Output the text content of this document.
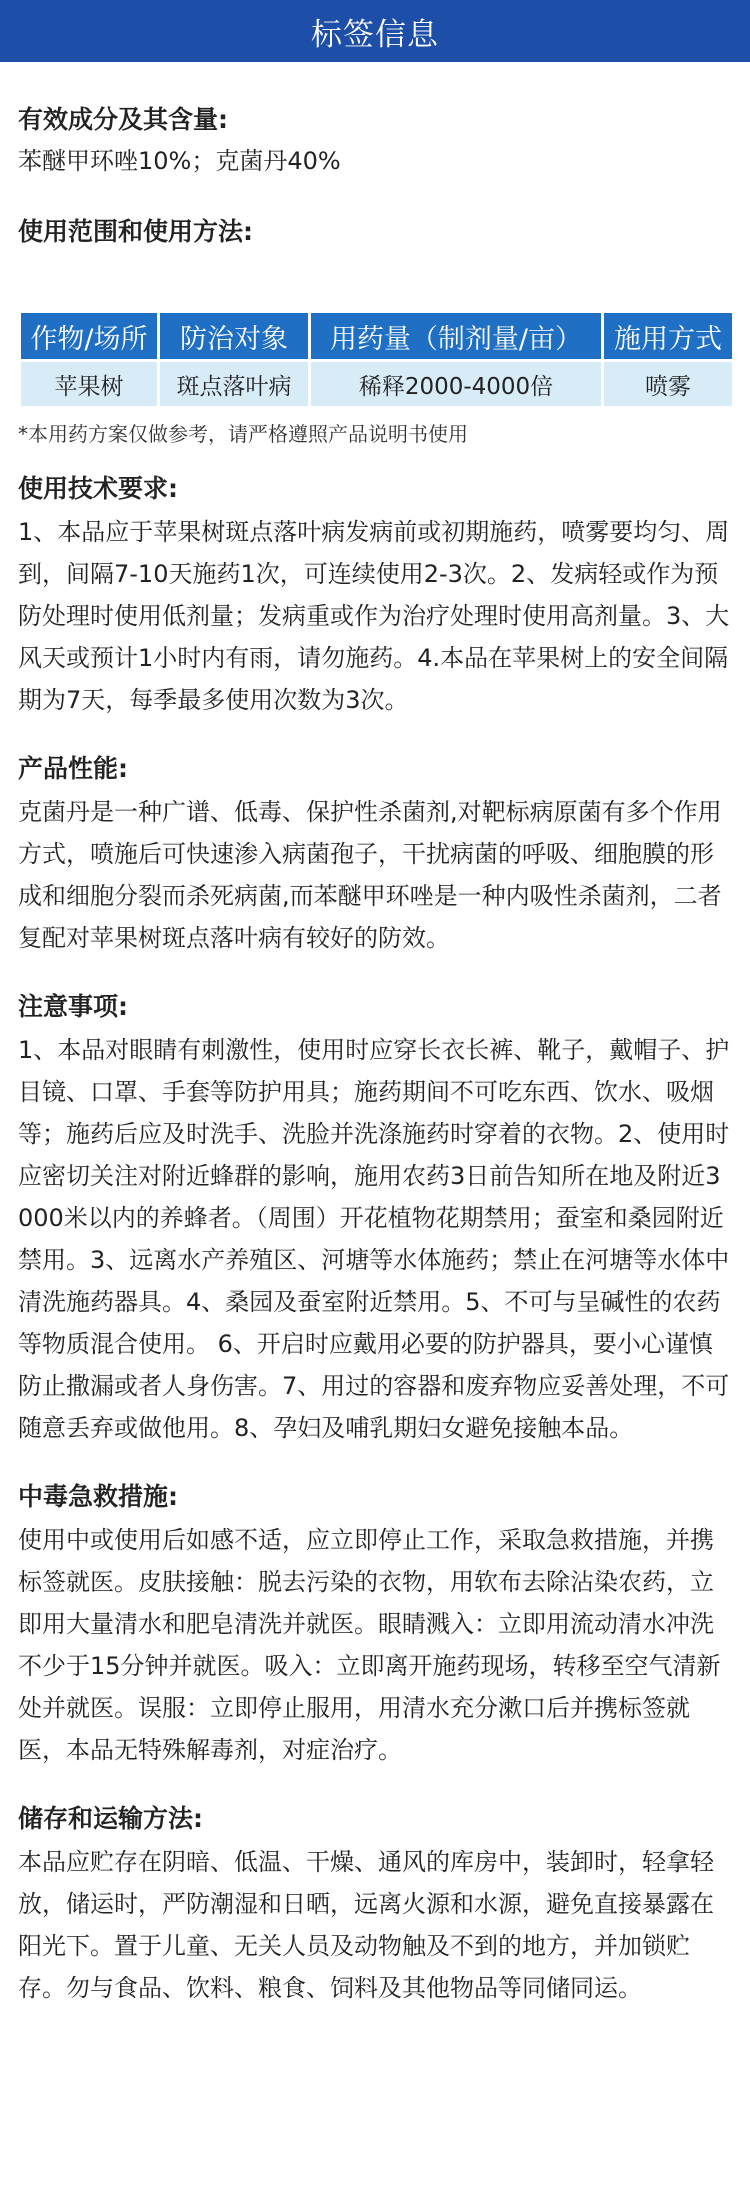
标签信息
有效成分及其含量:

苯醚甲环唑10%；克菌丹40%

使用范围和使用方法:
作物/场所	防治对象	用药量（制剂量/亩）	施用方式
苹果树	斑点落叶病	稀释2000-4000倍	喷雾
*本用药方案仅做参考，请严格遵照产品说明书使用
使用技术要求:

1、本品应于苹果树斑点落叶病发病前或初期施药，喷雾要均匀、周到，间隔7-10天施药1次，可连续使用2-3次。2、发病轻或作为预防处理时使用低剂量；发病重或作为治疗处理时使用高剂量。3、大风天或预计1小时内有雨，请勿施药。4.本品在苹果树上的安全间隔期为7天，每季最多使用次数为3次。

产品性能:

克菌丹是一种广谱、低毒、保护性杀菌剂,对靶标病原菌有多个作用方式，喷施后可快速渗入病菌孢子，干扰病菌的呼吸、细胞膜的形成和细胞分裂而杀死病菌,而苯醚甲环唑是一种内吸性杀菌剂，二者复配对苹果树斑点落叶病有较好的防效。

注意事项:

1、本品对眼睛有刺激性，使用时应穿长衣长裤、靴子，戴帽子、护目镜、口罩、手套等防护用具；施药期间不可吃东西、饮水、吸烟等；施药后应及时洗手、洗脸并洗涤施药时穿着的衣物。2、使用时应密切关注对附近蜂群的影响，施用农药3日前告知所在地及附近3000米以内的养蜂者。（周围）开花植物花期禁用；蚕室和桑园附近禁用。3、远离水产养殖区、河塘等水体施药；禁止在河塘等水体中清洗施药器具。4、桑园及蚕室附近禁用。5、不可与呈碱性的农药等物质混合使用。 6、开启时应戴用必要的防护器具，要小心谨慎防止撒漏或者人身伤害。7、用过的容器和废弃物应妥善处理，不可随意丢弃或做他用。8、孕妇及哺乳期妇女避免接触本品。

中毒急救措施:

使用中或使用后如感不适，应立即停止工作，采取急救措施，并携标签就医。皮肤接触：脱去污染的衣物，用软布去除沾染农药，立即用大量清水和肥皂清洗并就医。眼睛溅入：立即用流动清水冲洗不少于15分钟并就医。吸入：立即离开施药现场，转移至空气清新处并就医。误服：立即停止服用，用清水充分漱口后并携标签就医，本品无特殊解毒剂，对症治疗。

储存和运输方法:

本品应贮存在阴暗、低温、干燥、通风的库房中，装卸时，轻拿轻放，储运时，严防潮湿和日晒，远离火源和水源，避免直接暴露在阳光下。置于儿童、无关人员及动物触及不到的地方，并加锁贮存。勿与食品、饮料、粮食、饲料及其他物品等同储同运。
